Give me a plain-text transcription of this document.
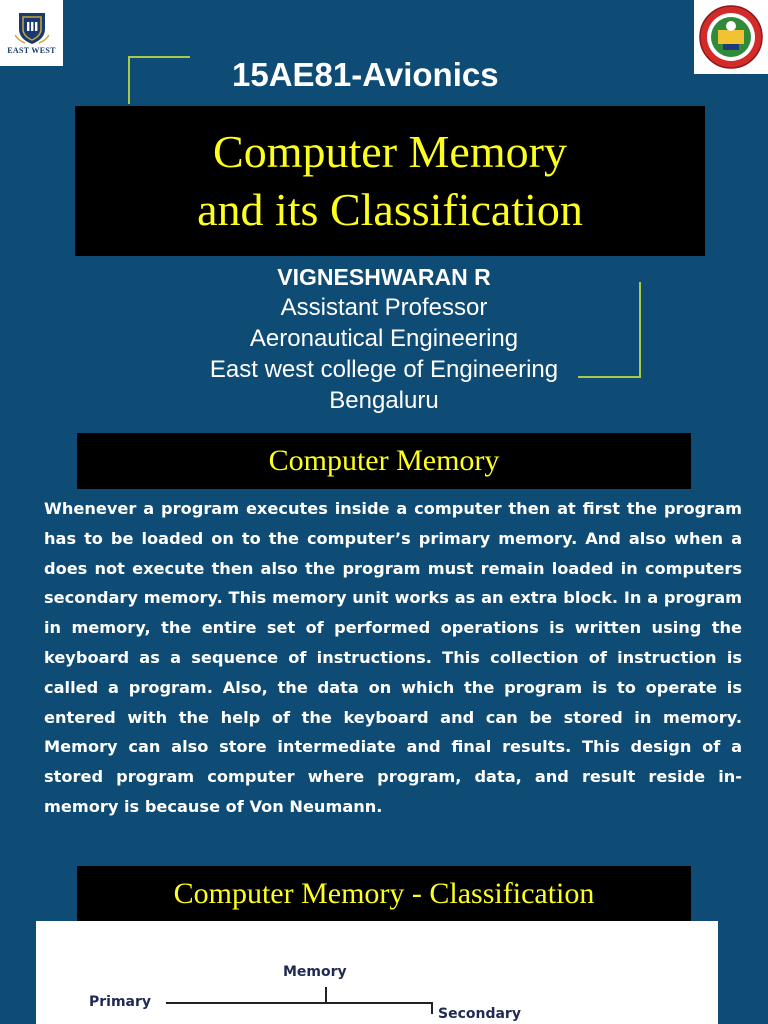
EAST WEST
15AE81-Avionics
Computer Memory
and its Classification
VIGNESHWARAN R
Assistant Professor
Aeronautical Engineering
East west college of Engineering
Bengaluru
Computer Memory
Whenever a program executes inside a computer then at first the program has to be loaded on to the computer’s primary memory. And also when a does not execute then also the program must remain loaded in computers secondary memory. This memory unit works as an extra block. In a program in memory, the entire set of performed operations is written using the keyboard as a sequence of instructions. This collection of instruction is called a program. Also, the data on which the program is to operate is entered with the help of the keyboard and can be stored in memory. Memory can also store intermediate and final results. This design of a stored program computer where program, data, and result reside in-memory is because of Von Neumann.
Computer Memory - Classification
Memory
Primary
Secondary
